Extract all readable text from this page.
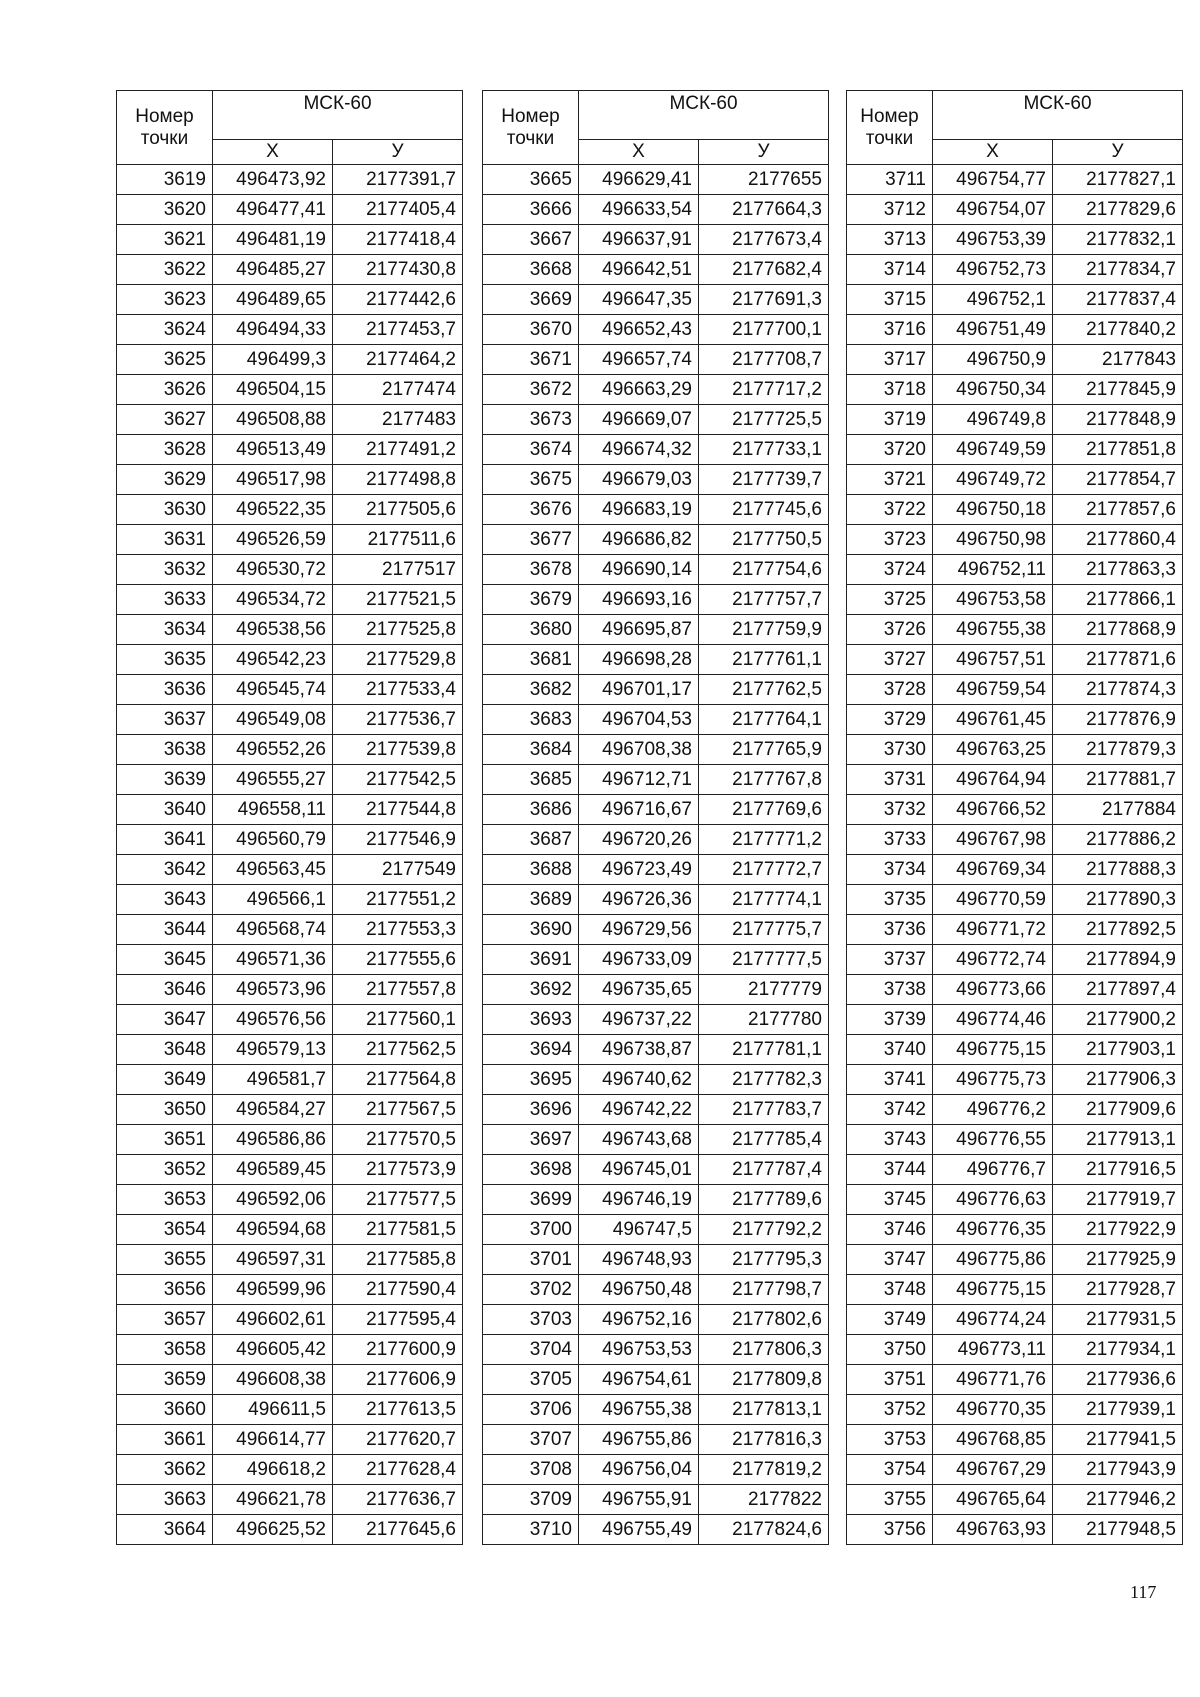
Номер
точки	МСК-60	
	X	У
3619	496473,92	2177391,7
3620	496477,41	2177405,4
3621	496481,19	2177418,4
3622	496485,27	2177430,8
3623	496489,65	2177442,6
3624	496494,33	2177453,7
3625	496499,3	2177464,2
3626	496504,15	2177474
3627	496508,88	2177483
3628	496513,49	2177491,2
3629	496517,98	2177498,8
3630	496522,35	2177505,6
3631	496526,59	2177511,6
3632	496530,72	2177517
3633	496534,72	2177521,5
3634	496538,56	2177525,8
3635	496542,23	2177529,8
3636	496545,74	2177533,4
3637	496549,08	2177536,7
3638	496552,26	2177539,8
3639	496555,27	2177542,5
3640	496558,11	2177544,8
3641	496560,79	2177546,9
3642	496563,45	2177549
3643	496566,1	2177551,2
3644	496568,74	2177553,3
3645	496571,36	2177555,6
3646	496573,96	2177557,8
3647	496576,56	2177560,1
3648	496579,13	2177562,5
3649	496581,7	2177564,8
3650	496584,27	2177567,5
3651	496586,86	2177570,5
3652	496589,45	2177573,9
3653	496592,06	2177577,5
3654	496594,68	2177581,5
3655	496597,31	2177585,8
3656	496599,96	2177590,4
3657	496602,61	2177595,4
3658	496605,42	2177600,9
3659	496608,38	2177606,9
3660	496611,5	2177613,5
3661	496614,77	2177620,7
3662	496618,2	2177628,4
3663	496621,78	2177636,7
3664	496625,52	2177645,6
Номер
точки	МСК-60	
	X	У
3665	496629,41	2177655
3666	496633,54	2177664,3
3667	496637,91	2177673,4
3668	496642,51	2177682,4
3669	496647,35	2177691,3
3670	496652,43	2177700,1
3671	496657,74	2177708,7
3672	496663,29	2177717,2
3673	496669,07	2177725,5
3674	496674,32	2177733,1
3675	496679,03	2177739,7
3676	496683,19	2177745,6
3677	496686,82	2177750,5
3678	496690,14	2177754,6
3679	496693,16	2177757,7
3680	496695,87	2177759,9
3681	496698,28	2177761,1
3682	496701,17	2177762,5
3683	496704,53	2177764,1
3684	496708,38	2177765,9
3685	496712,71	2177767,8
3686	496716,67	2177769,6
3687	496720,26	2177771,2
3688	496723,49	2177772,7
3689	496726,36	2177774,1
3690	496729,56	2177775,7
3691	496733,09	2177777,5
3692	496735,65	2177779
3693	496737,22	2177780
3694	496738,87	2177781,1
3695	496740,62	2177782,3
3696	496742,22	2177783,7
3697	496743,68	2177785,4
3698	496745,01	2177787,4
3699	496746,19	2177789,6
3700	496747,5	2177792,2
3701	496748,93	2177795,3
3702	496750,48	2177798,7
3703	496752,16	2177802,6
3704	496753,53	2177806,3
3705	496754,61	2177809,8
3706	496755,38	2177813,1
3707	496755,86	2177816,3
3708	496756,04	2177819,2
3709	496755,91	2177822
3710	496755,49	2177824,6
Номер
точки	МСК-60	
	X	У
3711	496754,77	2177827,1
3712	496754,07	2177829,6
3713	496753,39	2177832,1
3714	496752,73	2177834,7
3715	496752,1	2177837,4
3716	496751,49	2177840,2
3717	496750,9	2177843
3718	496750,34	2177845,9
3719	496749,8	2177848,9
3720	496749,59	2177851,8
3721	496749,72	2177854,7
3722	496750,18	2177857,6
3723	496750,98	2177860,4
3724	496752,11	2177863,3
3725	496753,58	2177866,1
3726	496755,38	2177868,9
3727	496757,51	2177871,6
3728	496759,54	2177874,3
3729	496761,45	2177876,9
3730	496763,25	2177879,3
3731	496764,94	2177881,7
3732	496766,52	2177884
3733	496767,98	2177886,2
3734	496769,34	2177888,3
3735	496770,59	2177890,3
3736	496771,72	2177892,5
3737	496772,74	2177894,9
3738	496773,66	2177897,4
3739	496774,46	2177900,2
3740	496775,15	2177903,1
3741	496775,73	2177906,3
3742	496776,2	2177909,6
3743	496776,55	2177913,1
3744	496776,7	2177916,5
3745	496776,63	2177919,7
3746	496776,35	2177922,9
3747	496775,86	2177925,9
3748	496775,15	2177928,7
3749	496774,24	2177931,5
3750	496773,11	2177934,1
3751	496771,76	2177936,6
3752	496770,35	2177939,1
3753	496768,85	2177941,5
3754	496767,29	2177943,9
3755	496765,64	2177946,2
3756	496763,93	2177948,5
117
